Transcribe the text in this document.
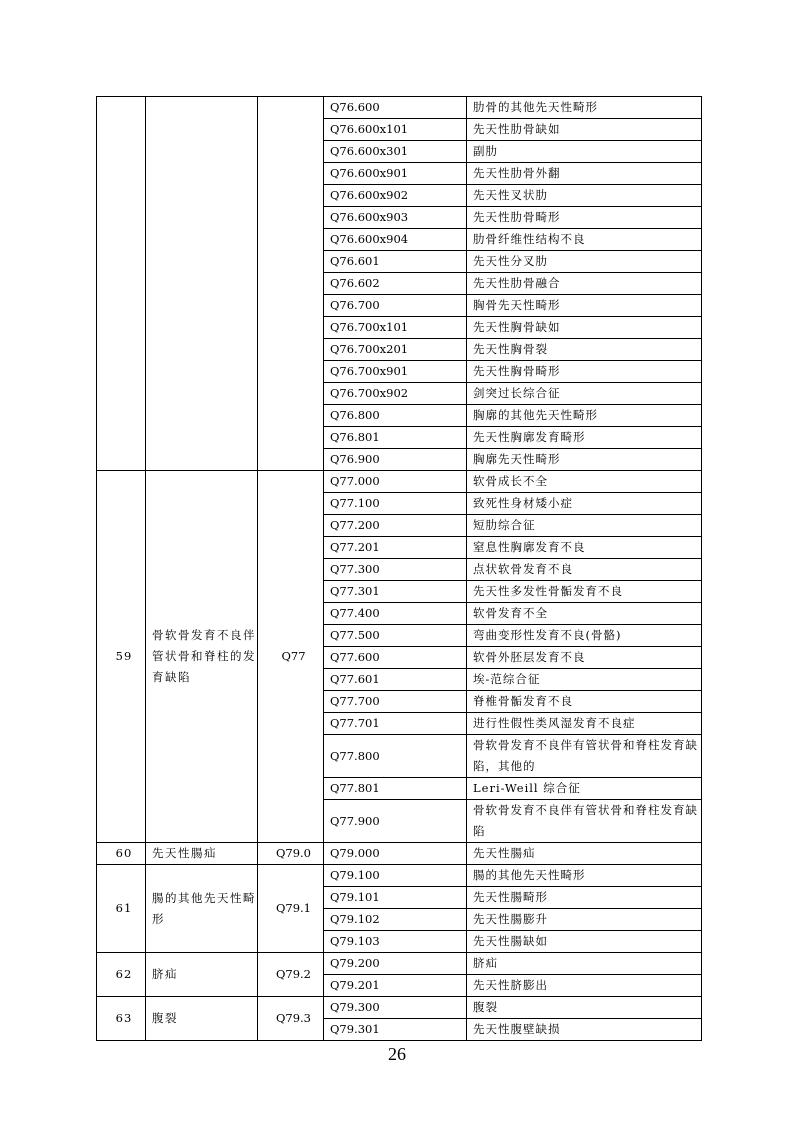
			Q76.600	肋骨的其他先天性畸形
			Q76.600x101	先天性肋骨缺如
			Q76.600x301	副肋
			Q76.600x901	先天性肋骨外翻
			Q76.600x902	先天性叉状肋
			Q76.600x903	先天性肋骨畸形
			Q76.600x904	肋骨纤维性结构不良
			Q76.601	先天性分叉肋
			Q76.602	先天性肋骨融合
			Q76.700	胸骨先天性畸形
			Q76.700x101	先天性胸骨缺如
			Q76.700x201	先天性胸骨裂
			Q76.700x901	先天性胸骨畸形
			Q76.700x902	剑突过长综合征
			Q76.800	胸廓的其他先天性畸形
			Q76.801	先天性胸廓发育畸形
			Q76.900	胸廓先天性畸形
59	骨软骨发育不良伴管状骨和脊柱的发育缺陷	Q77	Q77.000	软骨成长不全
			Q77.100	致死性身材矮小症
			Q77.200	短肋综合征
			Q77.201	窒息性胸廓发育不良
			Q77.300	点状软骨发育不良
			Q77.301	先天性多发性骨骺发育不良
			Q77.400	软骨发育不全
			Q77.500	弯曲变形性发育不良(骨骼)
			Q77.600	软骨外胚层发育不良
			Q77.601	埃-范综合征
			Q77.700	脊椎骨骺发育不良
			Q77.701	进行性假性类风湿发育不良症
			Q77.800	骨软骨发育不良伴有管状骨和脊柱发育缺陷，其他的
			Q77.801	Leri-Weill 综合征
			Q77.900	骨软骨发育不良伴有管状骨和脊柱发育缺陷
60	先天性腸疝	Q79.0	Q79.000	先天性腸疝
61	腸的其他先天性畸形	Q79.1	Q79.100	腸的其他先天性畸形
			Q79.101	先天性腸畸形
			Q79.102	先天性腸膨升
			Q79.103	先天性腸缺如
62	脐疝	Q79.2	Q79.200	脐疝
			Q79.201	先天性脐膨出
63	腹裂	Q79.3	Q79.300	腹裂
			Q79.301	先天性腹壁缺损
26
